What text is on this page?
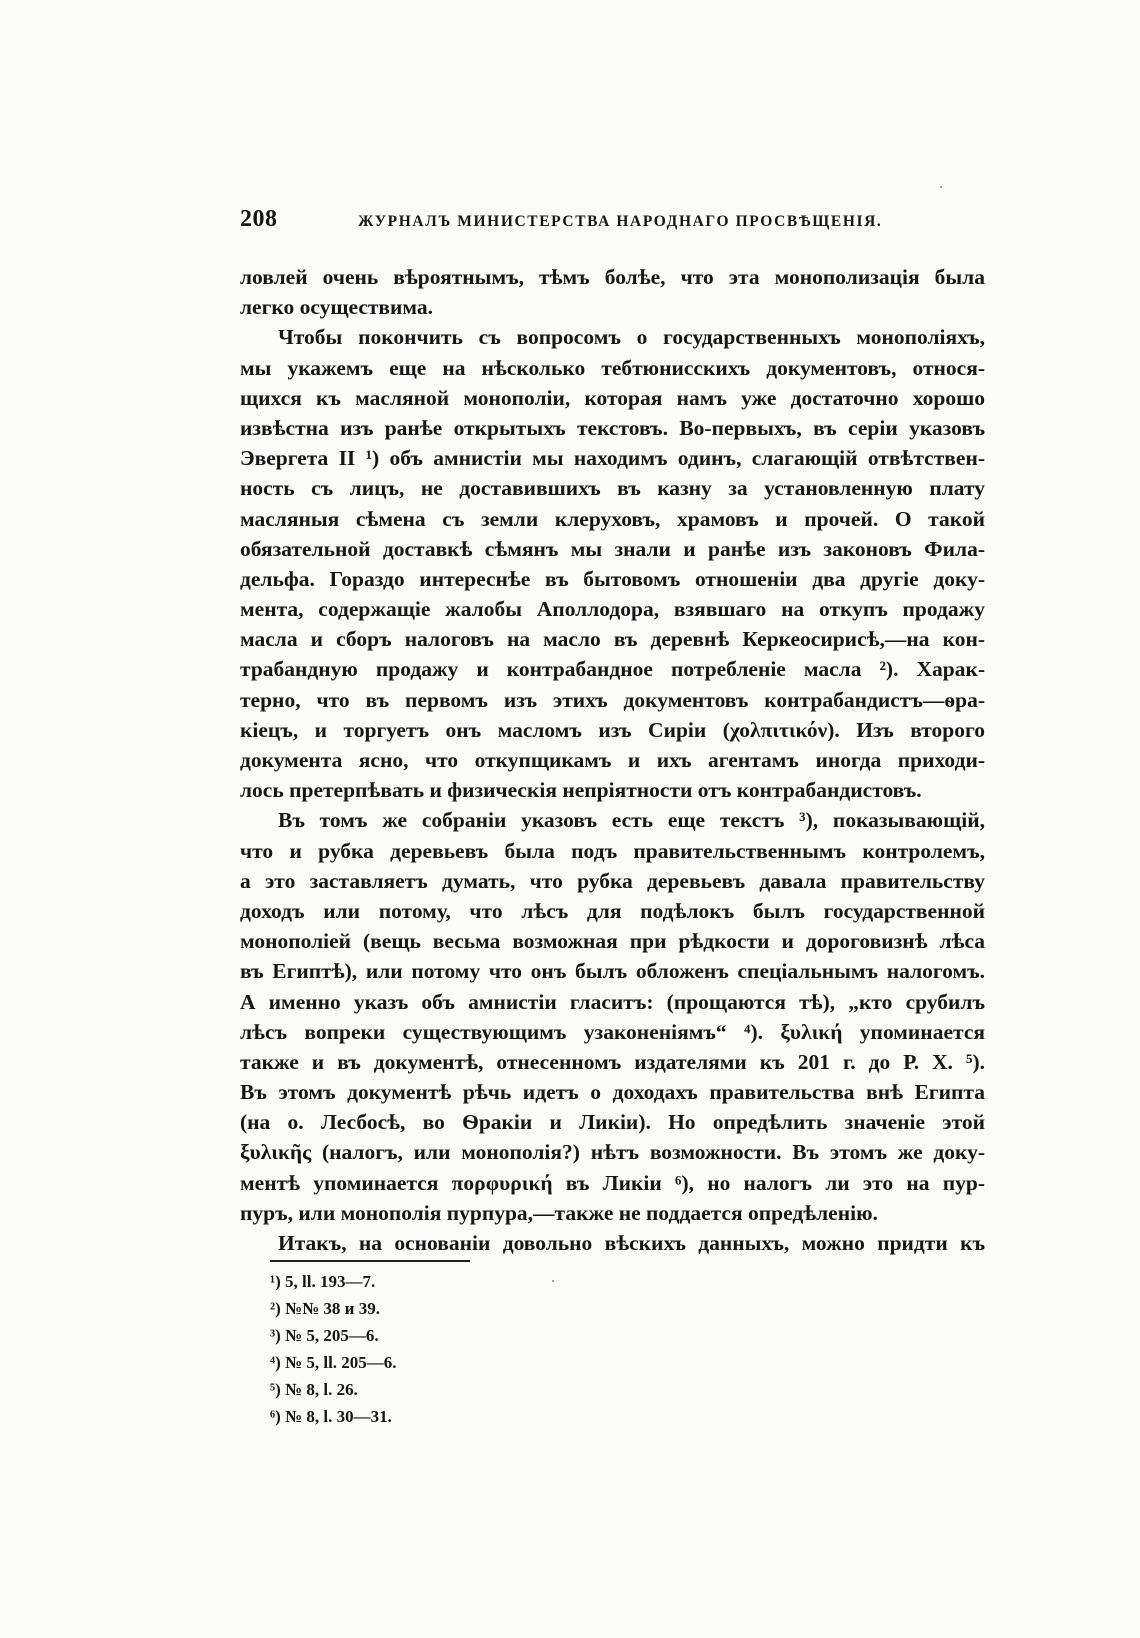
208	ЖУРНАЛЪ МИНИСТЕРСТВА НАРОДНАГО ПРОСВѢЩЕНІЯ.
ловлей очень вѣроятнымъ, тѣмъ болѣе, что эта монополизація была
легко осуществима.
Чтобы покончить съ вопросомъ о государственныхъ монополіяхъ,
мы укажемъ еще на нѣсколько тебтюнисскихъ документовъ, относя-
щихся къ масляной монополіи, которая намъ уже достаточно хорошо
извѣстна изъ ранѣе открытыхъ текстовъ. Во-первыхъ, въ серіи указовъ
Эвергета II ¹) объ амнистіи мы находимъ одинъ, слагающій отвѣтствен-
ность съ лицъ, не доставившихъ въ казну за установленную плату
масляныя сѣмена съ земли клеруховъ, храмовъ и прочей. О такой
обязательной доставкѣ сѣмянъ мы знали и ранѣе изъ законовъ Фила-
дельфа. Гораздо интереснѣе въ бытовомъ отношеніи два другіе доку-
мента, содержащіе жалобы Аполлодора, взявшаго на откупъ продажу
масла и сборъ налоговъ на масло въ деревнѣ Керкеосирисѣ,—на кон-
трабандную продажу и контрабандное потребленіе масла ²). Харак-
терно, что въ первомъ изъ этихъ документовъ контрабандистъ—ѳра-
кіецъ, и торгуетъ онъ масломъ изъ Сиріи (χολπιτικόν). Изъ второго
документа ясно, что откупщикамъ и ихъ агентамъ иногда приходи-
лось претерпѣвать и физическія непріятности отъ контрабандистовъ.
Въ томъ же собраніи указовъ есть еще текстъ ³), показывающій,
что и рубка деревьевъ была подъ правительственнымъ контролемъ,
а это заставляетъ думать, что рубка деревьевъ давала правительству
доходъ или потому, что лѣсъ для подѣлокъ былъ государственной
монополіей (вещь весьма возможная при рѣдкости и дороговизнѣ лѣса
въ Египтѣ), или потому что онъ былъ обложенъ спеціальнымъ налогомъ.
А именно указъ объ амнистіи гласитъ: (прощаются тѣ), „кто срубилъ
лѣсъ вопреки существующимъ узаконеніямъ“ ⁴). ξυλική упоминается
также и въ документѣ, отнесенномъ издателями къ 201 г. до Р. Х. ⁵).
Въ этомъ документѣ рѣчь идетъ о доходахъ правительства внѣ Египта
(на о. Лесбосѣ, во Ѳракіи и Ликіи). Но опредѣлить значеніе этой
ξυλικῆς (налогъ, или монополія?) нѣтъ возможности. Въ этомъ же доку-
ментѣ упоминается πορφυρική въ Ликіи ⁶), но налогъ ли это на пур-
пуръ, или монополія пурпура,—также не поддается опредѣленію.
Итакъ, на основаніи довольно вѣскихъ данныхъ, можно придти къ
¹) 5, ll. 193—7.
²) №№ 38 и 39.
³) № 5, 205—6.
⁴) № 5, ll. 205—6.
⁵) № 8, l. 26.
⁶) № 8, l. 30—31.
